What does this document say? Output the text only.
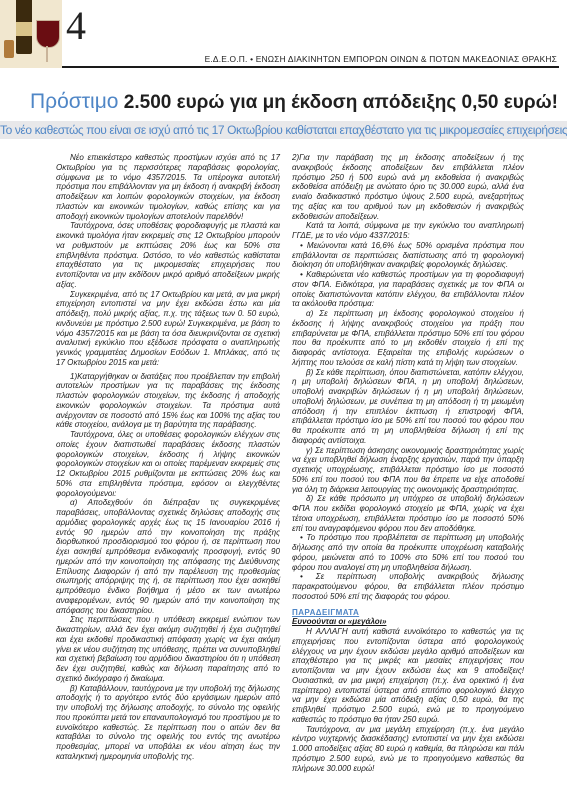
4
Ε.Δ.Ε.Ο.Π. • ΕΝΩΣΗ ΔΙΑΚΙΝΗΤΩΝ ΕΜΠΟΡΩΝ ΟΙΝΩΝ & ΠΟΤΩΝ ΜΑΚΕΔΟΝΙΑΣ ΘΡΑΚΗΣ
Πρόστιμο 2.500 ευρώ για μη έκδοση απόδειξης 0,50 ευρώ!
Το νέο καθεστώς που είναι σε ισχύ από τις 17 Οκτωβρίου καθίσταται επαχθέστατο για τις μικρομεσαίες επιχειρήσεις

Νέο επιεικέστερο καθεστώς προστίμων ισχύει από τις 17 Οκτωβρίου για τις περισσότερες παραβάσεις φορολογίας, σύμφωνα με το νόμο 4357/2015. Τα υπέρογκα αυτοτελή πρόστιμα που επιβάλλονταν για μη έκδοση ή ανακριβή έκδοση αποδείξεων και λοιπών φορολογικών στοιχείων, για έκδοση πλαστών και εικονικών τιμολογίων, καθώς επίσης και για αποδοχή εικονικών τιμολογίων αποτελούν παρελθόν!

Ταυτόχρονα, όσες υποθέσεις φοροδιαφυγής με πλαστά και εικονικά τιμολόγια ήταν εκκρεμείς στις 12 Οκτωβρίου μπορούν να ρυθμιστούν με εκπτώσεις 20% έως και 50% στα επιβληθέντα πρόστιμα. Ωστόσο, το νέο καθεστώς καθίσταται επαχθέστατο για τις μικρομεσαίες επιχειρήσεις που εντοπίζονται να μην εκδίδουν μικρό αριθμό αποδείξεων μικρής αξίας.

Συγκεκριμένα, από τις 17 Οκτωβρίου και μετά, αν μια μικρή επιχείρηση εντοπιστεί να μην έχει εκδώσει έστω και μία απόδειξη, πολύ μικρής αξίας, π.χ. της τάξεως των 0. 50 ευρώ, κινδυνεύει με πρόστιμο 2.500 ευρώ! Συγκεκριμένα, με βάση το νόμο 4357/2015 και με βάση τα όσα διευκρινίζονται σε σχετική αναλυτική εγκύκλιο που εξέδωσε πρόσφατα ο αναπληρωτής γενικός γραμματέας Δημοσίων Εσόδων 1. Μπλάκας, από τις 17 Οκτωβρίου 2015 και μετά:

1)Καταργήθηκαν οι διατάξεις που προέβλεπαν την επιβολή αυτοτελών προστίμων για τις παραβάσεις της έκδοσης πλαστών φορολογικών στοιχείων, της έκδοσης ή αποδοχής εικονικών φορολογικών στοιχείων. Τα πρόστιμα αυτά ανέρχονταν σε ποσοστό από 15% έως και 100% της αξίας του κάθε στοιχείου, ανάλογα με τη βαρύτητα της παράβασης.

Ταυτόχρονα, όλες οι υποθέσεις φορολογικών ελέγχων στις οποίες έχουν διαπιστωθεί παραβάσεις έκδοσης πλαστών φορολογικών στοιχείων, έκδοσης ή λήψης εικονικών φορολογικών στοιχείων και οι οποίες παρέμεναν εκκρεμείς στις 12 Οκτωβρίου 2015 ρυθμίζονται με εκπτώσεις 20% έως και 50% στα επιβληθέντα πρόστιμα, εφόσον οι ελεγχθέντες φορολογούμενοι:

α) Αποδεχθούν ότι διέπραξαν τις συγκεκριμένες παραβάσεις, υποβάλλοντας σχετικές δηλώσεις αποδοχής στις αρμόδιες φορολογικές αρχές έως τις 15 Ιανουαρίου 2016 ή εντός 90 ημερών από την κοινοποίηση της πράξης διορθωτικού προσδιορισμού του φόρου ή, σε περίπτωση που έχει ασκηθεί εμπρόθεσμα ενδικοφανής προσφυγή, εντός 90 ημερών από την κοινοποίηση της απόφασης της Διεύθυνσης Επίλυσης Διαφορών ή από την παρέλευση της προθεσμίας σιωπηρής απόρριψης της ή, σε περίπτωση που έχει ασκηθεί εμπρόθεσμο ένδικο βοήθημα ή μέσο εκ των ανωτέρω αναφερομένων, εντός 90 ημερών από την κοινοποίηση της απόφασης του δικαστηρίου.

Στις περιπτώσεις που η υπόθεση εκκρεμεί ενώπιον των δικαστηρίων, αλλά δεν έχει ακόμη συζητηθεί ή έχει συζητηθεί και έχει εκδοθεί προδικαστική απόφαση χωρίς να έχει ακόμη γίνει εκ νέου συζήτηση της υπόθεσης, πρέπει να συνυποβληθεί και σχετική βεβαίωση του αρμόδιου δικαστηρίου ότι η υπόθεση δεν έχει συζητηθεί, καθώς και δήλωση παραίτησης από το σχετικό δικόγραφο ή δικαίωμα.

β) Καταβάλλουν, ταυτόχρονα με την υποβολή της δήλωσης αποδοχής ή το αργότερο εντός δύο εργάσιμων ημερών από την υποβολή της δήλωσης αποδοχής, το σύνολο της οφειλής που προκύπτει μετά τον επαναυπολογισμό του προστίμου με το ευνοϊκότερο καθεστώς. Σε περίπτωση που ο αιτών δεν θα καταβάλει το σύνολο της οφειλής του εντός της ανωτέρω προθεσμίας, μπορεί να υποβάλει εκ νέου αίτηση έως την καταληκτική ημερομηνία υποβολής της.

2)Για την παράβαση της μη έκδοσης αποδείξεων ή της ανακριβούς έκδοσης αποδείξεων δεν επιβάλλεται πλέον πρόστιμο 250 ή 500 ευρώ ανά μη εκδοθείσα ή ανακριβώς εκδοθείσα απόδειξη με ανώτατο όριο τις 30.000 ευρώ, αλλά ένα ενιαίο διαδικαστικό πρόστιμο ύψους 2.500 ευρώ, ανεξαρτήτως της αξίας και του αριθμού των μη εκδοθεισών ή ανακριβώς εκδοθεισών αποδείξεων.

Κατά τα λοιπά, σύμφωνα με την εγκύκλιο του αναπληρωτή ΓΓΔΕ, με το νέο νόμο 4337/2015:

• Μειώνονται κατά 16,6% έως 50% ορισμένα πρόστιμα που επιβάλλονται σε περιπτώσεις διαπίστωσης από τη φορολογική διοίκηση ότι υποβλήθηκαν ανακριβείς φορολογικές δηλώσεις.

• Καθιερώνεται νέο καθεστώς προστίμων για τη φοροδιαφυγή στον ΦΠΑ. Ειδικότερα, για παραβάσεις σχετικές με τον ΦΠΑ οι οποίες διαπιστώνονται κατόπιν ελέγχου, θα επιβάλλονται πλέον τα ακόλουθα πρόστιμα:

α) Σε περίπτωση μη έκδοσης φορολογικού στοιχείου ή έκδοσης ή λήψης ανακριβούς στοιχείου για πράξη που επιβαρύνεται με ΦΠΑ, επιβάλλεται πρόστιμο 50% επί του φόρου που θα προέκυπτε από το μη εκδοθέν στοιχείο ή επί της διαφοράς αντίστοιχα. Εξαιρείται της επιβολής κυρώσεων ο λήπτης που τελούσε σε καλή πίστη κατά τη λήψη των στοιχείων.

β) Σε κάθε περίπτωση, όπου διαπιστώνεται, κατόπιν ελέγχου, η μη υποβολή δηλώσεων ΦΠΑ, η μη υποβολή δηλώσεων, υποβολή ανακριβών δηλώσεων ή η μη υποβολή δηλώσεων, υποβολή δηλώσεων, με συνέπεια τη μη απόδοση ή τη μειωμένη απόδοση ή την επιπλέον έκπτωση ή επιστροφή ΦΠΑ, επιβάλλεται πρόστιμο ίσο με 50% επί του ποσού του φόρου που θα προέκυπτε από τη μη υποβληθείσα δήλωση ή επί της διαφοράς αντίστοιχα.

γ) Σε περίπτωση άσκησης οικονομικής δραστηριότητας χωρίς να έχει υποβληθεί δήλωση έναρξης εργασιών, παρά την ύπαρξη σχετικής υποχρέωσης, επιβάλλεται πρόστιμο ίσο με ποσοστό 50% επί του ποσού του ΦΠΑ που θα έπρεπε να είχε αποδοθεί για όλη τη διάρκεια λειτουργίας της οικονομικής δραστηριότητας.

δ) Σε κάθε πρόσωπο μη υπόχρεο σε υποβολή δηλώσεων ΦΠΑ που εκδίδει φορολογικό στοιχείο με ΦΠΑ, χωρίς να έχει τέτοια υποχρέωση, επιβάλλεται πρόστιμο ίσο με ποσοστό 50% επί του αναγραφόμενου φόρου που δεν αποδόθηκε.

• Το πρόστιμο που προβλέπεται σε περίπτωση μη υποβολής δήλωσης από την οποία θα προέκυπτε υποχρέωση καταβολής φόρου, μειώνεται από το 100% στο 50% επί του ποσού του φόρου που αναλογεί στη μη υποβληθείσα δήλωση.

• Σε περίπτωση υποβολής ανακριβούς δήλωσης παρακρατούμενου φόρου, θα επιβάλλεται πλέον πρόστιμο ποσοστού 50% επί της διαφοράς του φόρου.

ΠΑΡΑΔΕΙΓΜΑΤΑ

Ευνοούνται οι «μεγάλοι»

Η ΑΛΛΑΓΗ αυτή καθιστά ευνοϊκότερο το καθεστώς για τις επιχειρήσεις που εντοπίζονται ύστερα από φορολογικούς ελέγχους να μην έχουν εκδώσει μεγάλο αριθμό αποδείξεων και επαχθέστερο για τις μικρές και μεσαίες επιχειρήσεις που εντοπίζονται να μην έχουν εκδώσει έως και 9 αποδείξεις! Ουσιαστικά, αν μια μικρή επιχείρηση (π.χ. ένα ορεκτικό ή ένα περίπτερο) εντοπιστεί ύστερα από επιτόπιο φορολογικό έλεγχο να μην έχει εκδώσει μία απόδειξη αξίας 0,50 ευρώ, θα της επιβληθεί πρόστιμο 2.500 ευρώ, ενώ με το προηγούμενο καθεστώς το πρόστιμο θα ήταν 250 ευρώ.

Ταυτόχρονα, αν μια μεγάλη επιχείρηση (π.χ. ένα μεγάλο κέντρο νυχτερινής διασκέδασης) εντοπιστεί να μην έχει εκδώσει 1.000 αποδείξεις αξίας 80 ευρώ η καθεμία, θα πληρώσει και πάλι πρόστιμο 2.500 ευρώ, ενώ με το προηγούμενο καθεστώς θα πλήρωνε 30.000 ευρώ!
